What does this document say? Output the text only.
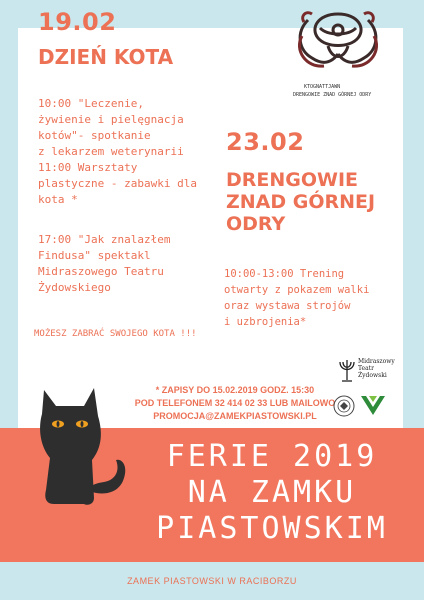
19.02
DZIEŃ KOTA
10:00 "Leczenie,
żywienie i pielęgnacja
kotów"- spotkanie
z lekarzem weterynarii
11:00 Warsztaty
plastyczne - zabawki dla
kota *
17:00 "Jak znalazłem
Findusa" spektakl
Midraszowego Teatru
Żydowskiego
MOŻESZ ZABRAĆ SWOJEGO KOTA !!!
KTOGNATTJAWN
DRENGOWIE ZNAD GÓRNEJ ODRY
23.02
DRENGOWIE
ZNAD GÓRNEJ
ODRY
10:00-13:00 Trening
otwarty z pokazem walki
oraz wystawa strojów
i uzbrojenia*
* ZAPISY DO 15.02.2019 GODZ. 15:30
POD TELEFONEM 32 414 02 33 LUB MAILOWO
PROMOCJA@ZAMEKPIASTOWSKI.PL
Midraszowy
Teatr
Żydowski
FERIE 2019
NA ZAMKU
PIASTOWSKIM
ZAMEK PIASTOWSKI W RACIBORZU
